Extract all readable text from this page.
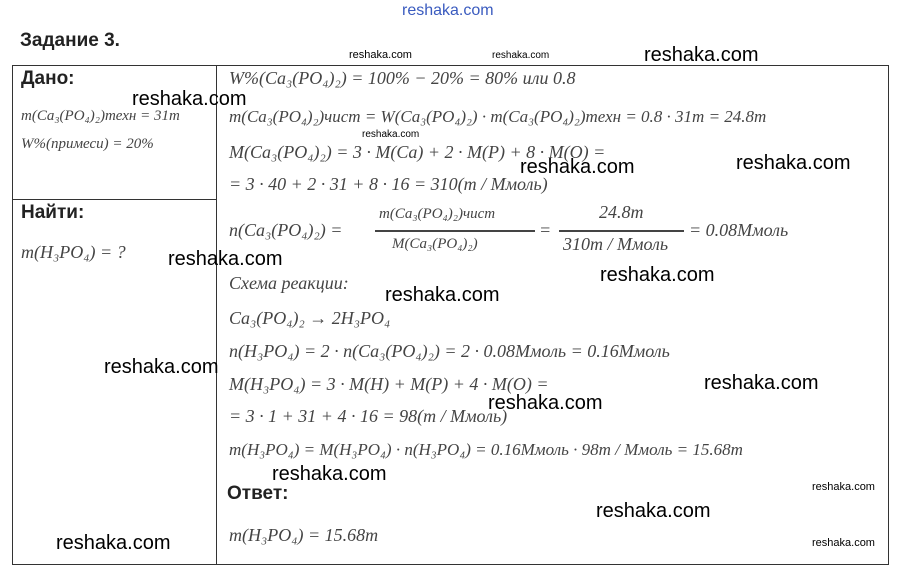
reshaka.com
Задание 3.
Дано:
m(Ca₃(PO₄)₂)техн = 31т
W%(примеси) = 20%
Найти:
m(H₃PO₄) = ?
W%(Ca₃(PO₄)₂) = 100% − 20% = 80% или 0.8
m(Ca₃(PO₄)₂)чист = W(Ca₃(PO₄)₂) · m(Ca₃(PO₄)₂)техн = 0.8 · 31т = 24.8т
M(Ca₃(PO₄)₂) = 3 · M(Ca) + 2 · M(P) + 8 · M(O) =
= 3 · 40 + 2 · 31 + 8 · 16 = 310(т / Ммоль)
n(Ca₃(PO₄)₂) =
m(Ca₃(PO₄)₂)чист
M(Ca₃(PO₄)₂)
=
24.8т
310т / Ммоль
= 0.08Ммоль
Схема реакции:
Ca₃(PO₄)₂ → 2H₃PO₄
n(H₃PO₄) = 2 · n(Ca₃(PO₄)₂) = 2 · 0.08Ммоль = 0.16Ммоль
M(H₃PO₄) = 3 · M(H) + M(P) + 4 · M(O) =
= 3 · 1 + 31 + 4 · 16 = 98(т / Ммоль)
m(H₃PO₄) = M(H₃PO₄) · n(H₃PO₄) = 0.16Ммоль · 98т / Ммоль = 15.68т
Ответ:
m(H₃PO₄) = 15.68т
reshaka.com	reshaka.com	reshaka.com
reshaka.com
reshaka.com
reshaka.com	reshaka.com
reshaka.com
reshaka.com
reshaka.com
reshaka.com
reshaka.com
reshaka.com
reshaka.com
reshaka.com
reshaka.com
reshaka.com	reshaka.com
